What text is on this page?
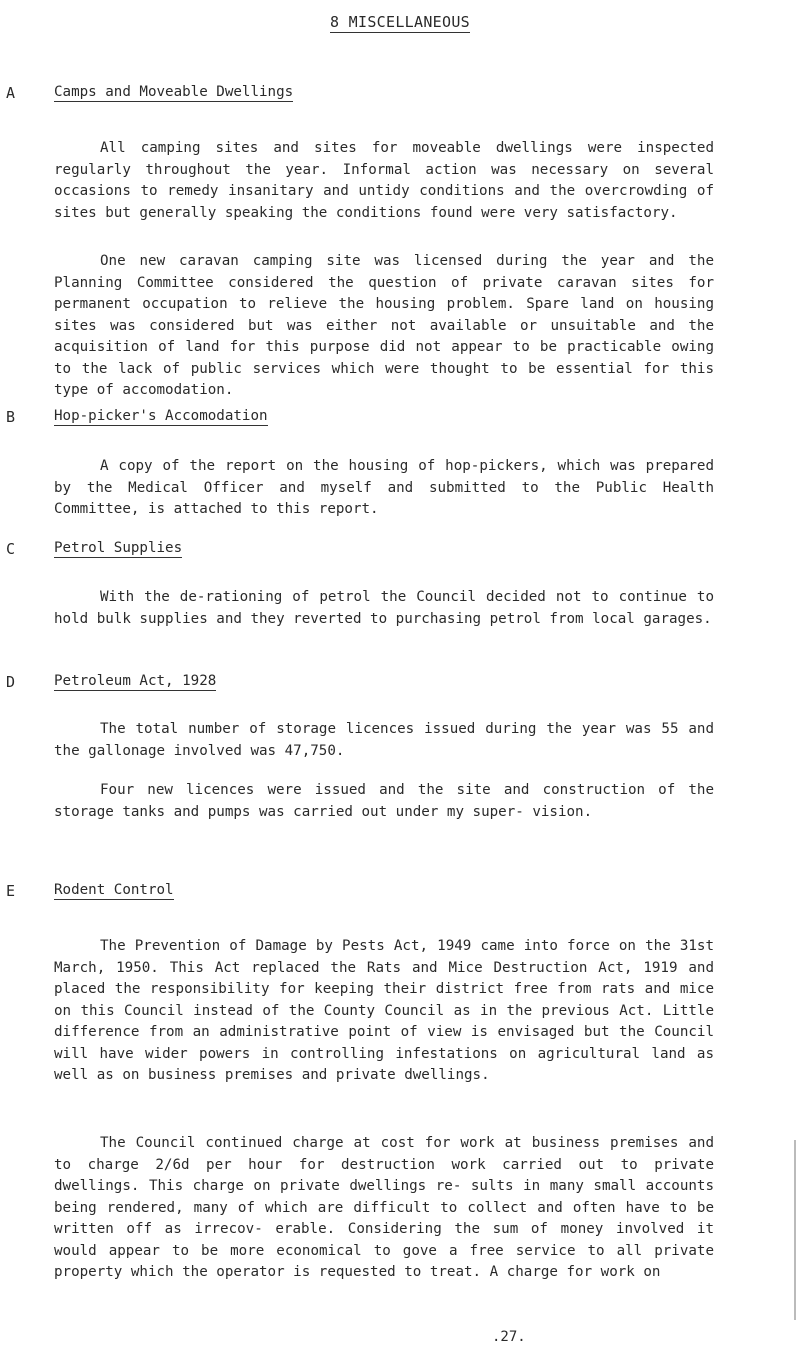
8 MISCELLANEOUS
A	Camps and Moveable Dwellings

All camping sites and sites for moveable dwellings were inspected regularly throughout the year. Informal action was necessary on several occasions to remedy insanitary and untidy conditions and the overcrowding of sites but generally speaking the conditions found were very satisfactory.

One new caravan camping site was licensed during the year and the Planning Committee considered the question of private caravan sites for permanent occupation to relieve the housing problem. Spare land on housing sites was considered but was either not available or unsuitable and the acquisition of land for this purpose did not appear to be practicable owing to the lack of public services which were thought to be essential for this type of accomodation.

B	Hop-picker's Accomodation

A copy of the report on the housing of hop-pickers, which was prepared by the Medical Officer and myself and submitted to the Public Health Committee, is attached to this report.

C	Petrol Supplies

With the de-rationing of petrol the Council decided not to continue to hold bulk supplies and they reverted to purchasing petrol from local garages.

D	Petroleum Act, 1928

The total number of storage licences issued during the year was 55 and the gallonage involved was 47,750.

Four new licences were issued and the site and construction of the storage tanks and pumps was carried out under my super- vision.

E	Rodent Control

The Prevention of Damage by Pests Act, 1949 came into force on the 31st March, 1950. This Act replaced the Rats and Mice Destruction Act, 1919 and placed the responsibility for keeping their district free from rats and mice on this Council instead of the County Council as in the previous Act. Little difference from an administrative point of view is envisaged but the Council will have wider powers in controlling infestations on agricultural land as well as on business premises and private dwellings.

The Council continued charge at cost for work at business premises and to charge 2/6d per hour for destruction work carried out to private dwellings. This charge on private dwellings re- sults in many small accounts being rendered, many of which are difficult to collect and often have to be written off as irrecov- erable. Considering the sum of money involved it would appear to be more economical to gove a free service to all private property which the operator is requested to treat. A charge for work on

.27.
